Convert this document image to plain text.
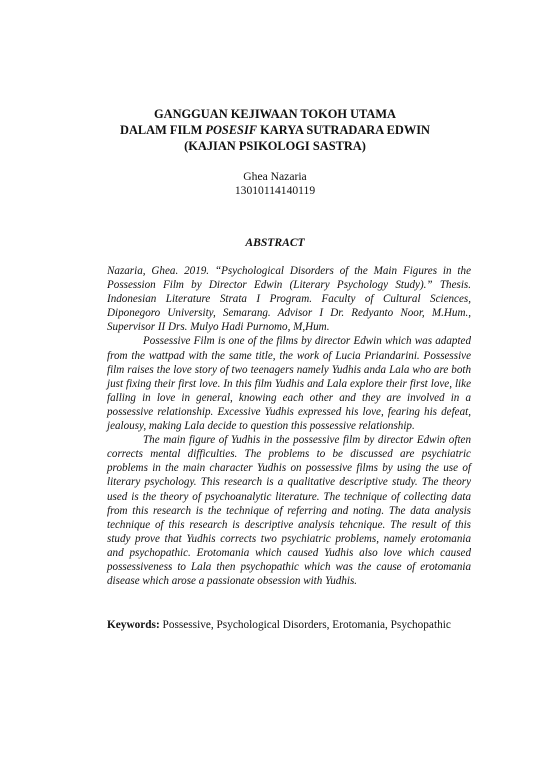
GANGGUAN KEJIWAAN TOKOH UTAMA
DALAM FILM POSESIF KARYA SUTRADARA EDWIN
(KAJIAN PSIKOLOGI SASTRA)
Ghea Nazaria
13010114140119
ABSTRACT

Nazaria, Ghea. 2019. “Psychological Disorders of the Main Figures in the Possession Film by Director Edwin (Literary Psychology Study).” Thesis. Indonesian Literature Strata I Program. Faculty of Cultural Sciences, Diponegoro University, Semarang. Advisor I Dr. Redyanto Noor, M.Hum., Supervisor II Drs. Mulyo Hadi Purnomo, M,Hum.

Possessive Film is one of the films by director Edwin which was adapted from the wattpad with the same title, the work of Lucia Priandarini. Possessive film raises the love story of two teenagers namely Yudhis anda Lala who are both just fixing their first love. In this film Yudhis and Lala explore their first love, like falling in love in general, knowing each other and they are involved in a possessive relationship. Excessive Yudhis expressed his love, fearing his defeat, jealousy, making Lala decide to question this possessive relationship.

The main figure of Yudhis in the possessive film by director Edwin often corrects mental difficulties. The problems to be discussed are psychiatric problems in the main character Yudhis on possessive films by using the use of literary psychology. This research is a qualitative descriptive study. The theory used is the theory of psychoanalytic literature. The technique of collecting data from this research is the technique of referring and noting. The data analysis technique of this research is descriptive analysis tehcnique. The result of this study prove that Yudhis corrects two psychiatric problems, namely erotomania and psychopathic. Erotomania which caused Yudhis also love which caused possessiveness to Lala then psychopathic which was the cause of erotomania disease which arose a passionate obsession with Yudhis.

Keywords: Possessive, Psychological Disorders, Erotomania, Psychopathic
